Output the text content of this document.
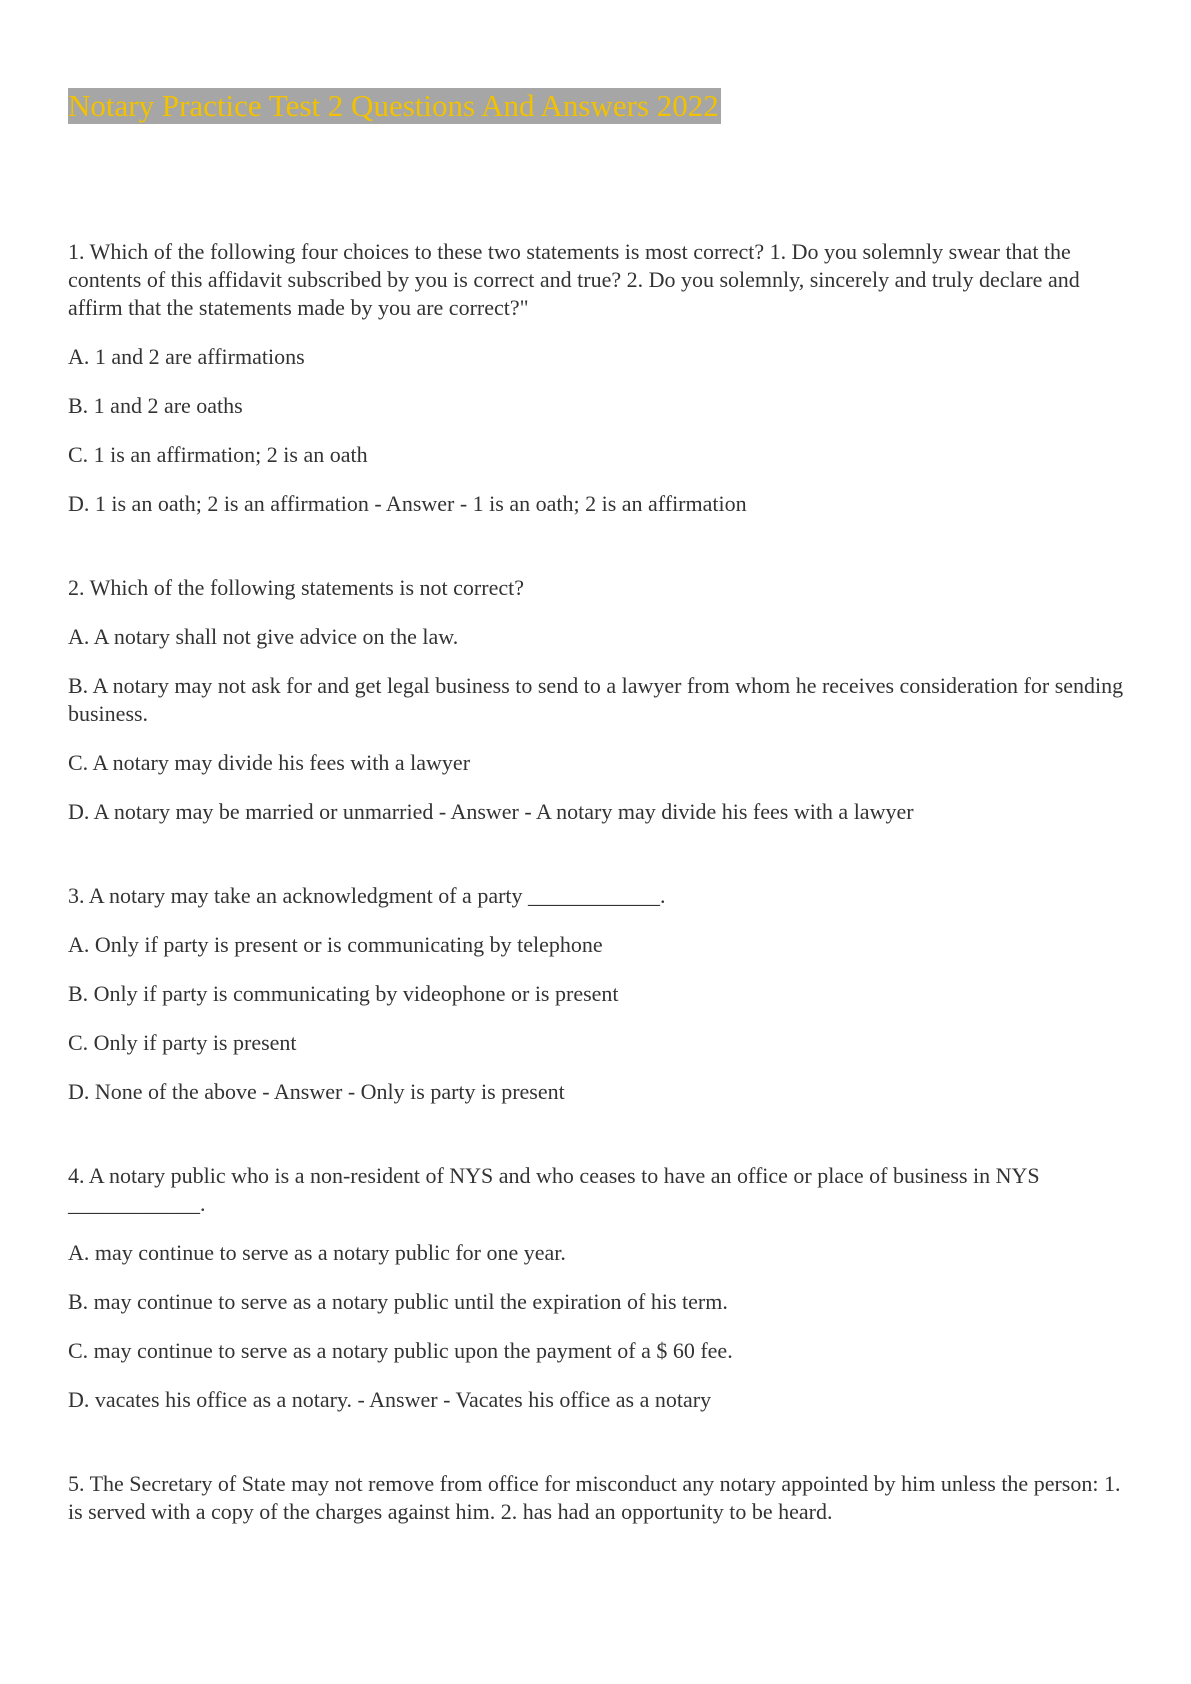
Notary Practice Test 2 Questions And Answers 2022

1. Which of the following four choices to these two statements is most correct? 1. Do you solemnly swear that the contents of this affidavit subscribed by you is correct and true? 2. Do you solemnly, sincerely and truly declare and affirm that the statements made by you are correct?"

A. 1 and 2 are affirmations

B. 1 and 2 are oaths

C. 1 is an affirmation; 2 is an oath

D. 1 is an oath; 2 is an affirmation - Answer - 1 is an oath; 2 is an affirmation

2. Which of the following statements is not correct?

A. A notary shall not give advice on the law.

B. A notary may not ask for and get legal business to send to a lawyer from whom he receives consideration for sending business.

C. A notary may divide his fees with a lawyer

D. A notary may be married or unmarried - Answer - A notary may divide his fees with a lawyer

3. A notary may take an acknowledgment of a party ____________.

A. Only if party is present or is communicating by telephone

B. Only if party is communicating by videophone or is present

C. Only if party is present

D. None of the above - Answer - Only is party is present

4. A notary public who is a non-resident of NYS and who ceases to have an office or place of business in NYS ____________.

A. may continue to serve as a notary public for one year.

B. may continue to serve as a notary public until the expiration of his term.

C. may continue to serve as a notary public upon the payment of a $ 60 fee.

D. vacates his office as a notary. - Answer - Vacates his office as a notary

5. The Secretary of State may not remove from office for misconduct any notary appointed by him unless the person: 1. is served with a copy of the charges against him. 2. has had an opportunity to be heard.
